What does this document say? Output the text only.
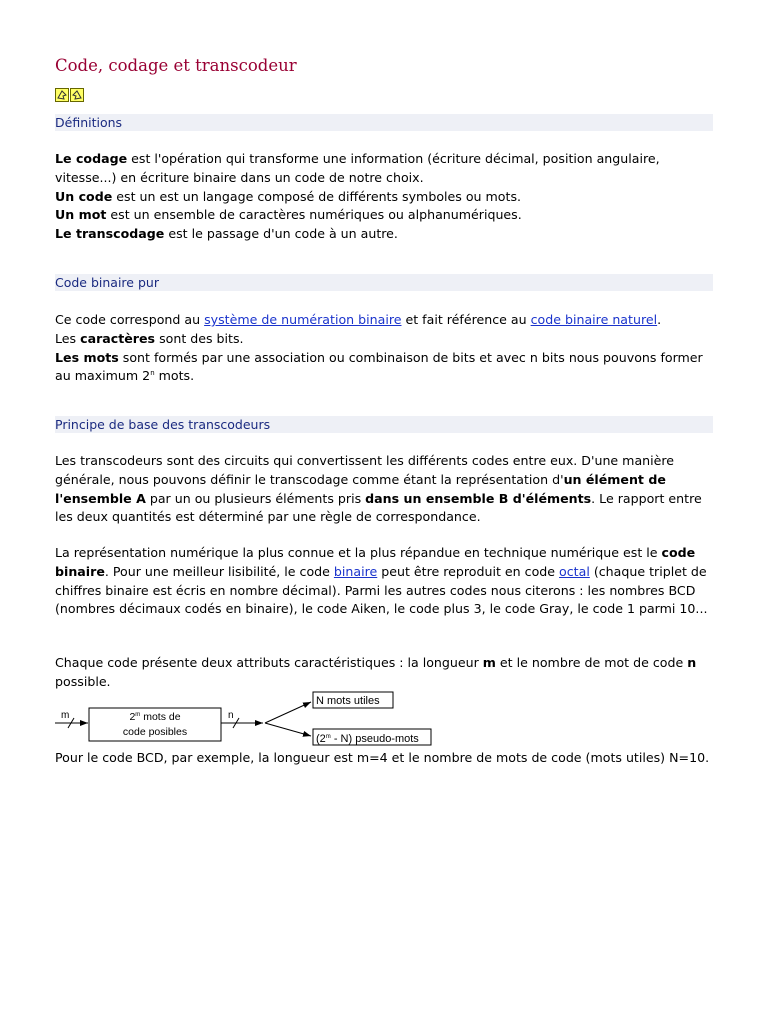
Code, codage et transcodeur
Définitions

Le codage est l'opération qui transforme une information (écriture décimal, position angulaire, vitesse...) en écriture binaire dans un code de notre choix.

Un code est un est un langage composé de différents symboles ou mots.

Un mot est un ensemble de caractères numériques ou alphanumériques.

Le transcodage est le passage d'un code à un autre.

Code binaire pur

Ce code correspond au système de numération binaire et fait référence au code binaire naturel.

Les caractères sont des bits.

Les mots sont formés par une association ou combinaison de bits et avec n bits nous pouvons former au maximum 2$^n$ mots.

Principe de base des transcodeurs

Les transcodeurs sont des circuits qui convertissent les différents codes entre eux. D'une manière générale, nous pouvons définir le transcodage comme étant la représentation d'un élément de l'ensemble A par un ou plusieurs éléments pris dans un ensemble B d'éléments. Le rapport entre les deux quantités est déterminé par une règle de correspondance.

La représentation numérique la plus connue et la plus répandue en technique numérique est le code binaire. Pour une meilleur lisibilité, le code binaire peut être reproduit en code octal (chaque triplet de chiffres binaire est écris en nombre décimal). Parmi les autres codes nous citerons : les nombres BCD (nombres décimaux codés en binaire), le code Aiken, le code plus 3, le code Gray, le code 1 parmi 10...

Chaque code présente deux attributs caractéristiques : la longueur m et le nombre de mot de code n possible.

m	2$^m$ mots de
code posibles
n
N mots utiles
(2$^m$ - N) pseudo-mots

Pour le code BCD, par exemple, la longueur est m=4 et le nombre de mots de code (mots utiles) N=10.
